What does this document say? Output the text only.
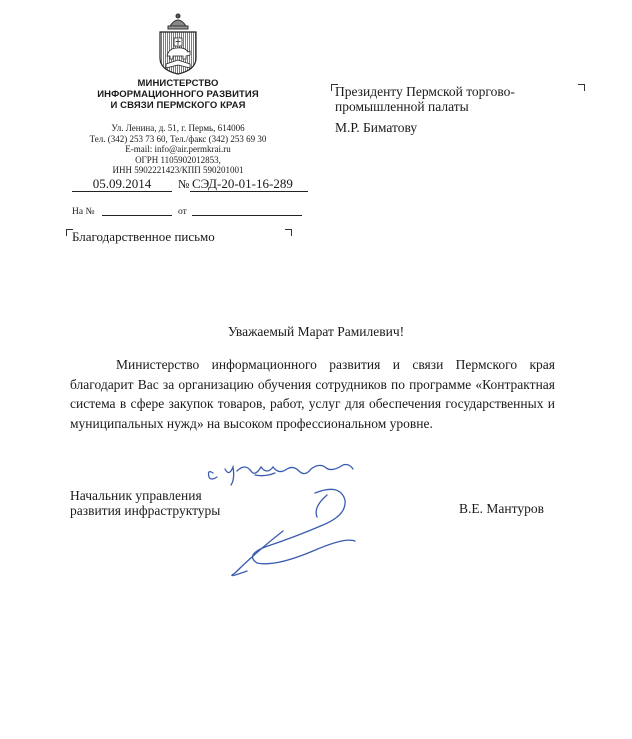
МИНИСТЕРСТВО
ИНФОРМАЦИОННОГО РАЗВИТИЯ
И СВЯЗИ ПЕРМСКОГО КРАЯ
Ул. Ленина, д. 51, г. Пермь, 614006
Тел. (342) 253 73 60, Тел./факс (342) 253 69 30
E-mail: info@air.permkrai.ru
ОГРН 1105902012853,
ИНН 5902221423/КПП 590201001
05.09.2014	№ СЭД-20-01-16-289
На №	от
Благодарственное письмо
Президенту Пермской торгово-
промышленной палаты
М.Р. Биматову
Уважаемый Марат Рамилевич!
Министерство информационного развития и связи Пермского края благодарит Вас за организацию обучения сотрудников по программе «Контрактная система в сфере закупок товаров, работ, услуг для обеспечения государственных и муниципальных нужд» на высоком профессиональном уровне.
Начальник управления
развития инфраструктуры	В.Е. Мантуров
